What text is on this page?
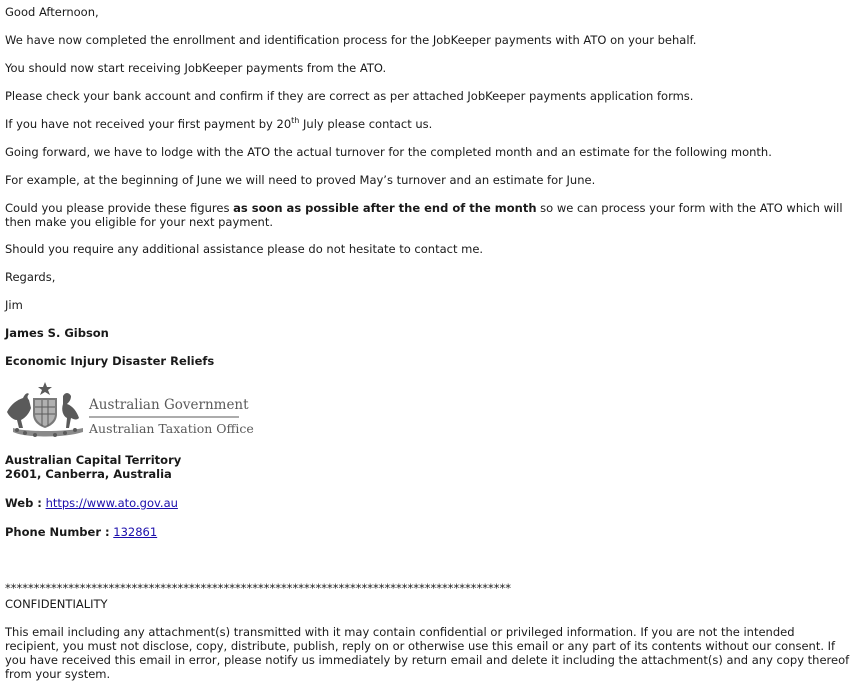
Good Afternoon,

We have now completed the enrollment and identification process for the JobKeeper payments with ATO on your behalf.

You should now start receiving JobKeeper payments from the ATO.

Please check your bank account and confirm if they are correct as per attached JobKeeper payments application forms.

If you have not received your first payment by 20th July please contact us.

Going forward, we have to lodge with the ATO the actual turnover for the completed month and an estimate for the following month.

For example, at the beginning of June we will need to proved May’s turnover and an estimate for June.

Could you please provide these figures as soon as possible after the end of the month so we can process your form with the ATO which will then make you eligible for your next payment.

Should you require any additional assistance please do not hesitate to contact me.

Regards,

Jim

James S. Gibson

Economic Injury Disaster Reliefs

Australian Government
Australian Taxation Office

Australian Capital Territory

2601, Canberra, Australia

Web : https://www.ato.gov.au

Phone Number : 132861

****************************************************************************************

CONFIDENTIALITY

This email including any attachment(s) transmitted with it may contain confidential or privileged information. If you are not the intended recipient, you must not disclose, copy, distribute, publish, reply on or otherwise use this email or any part of its contents without our consent. If you have received this email in error, please notify us immediately by return email and delete it including the attachment(s) and any copy thereof from your system.
